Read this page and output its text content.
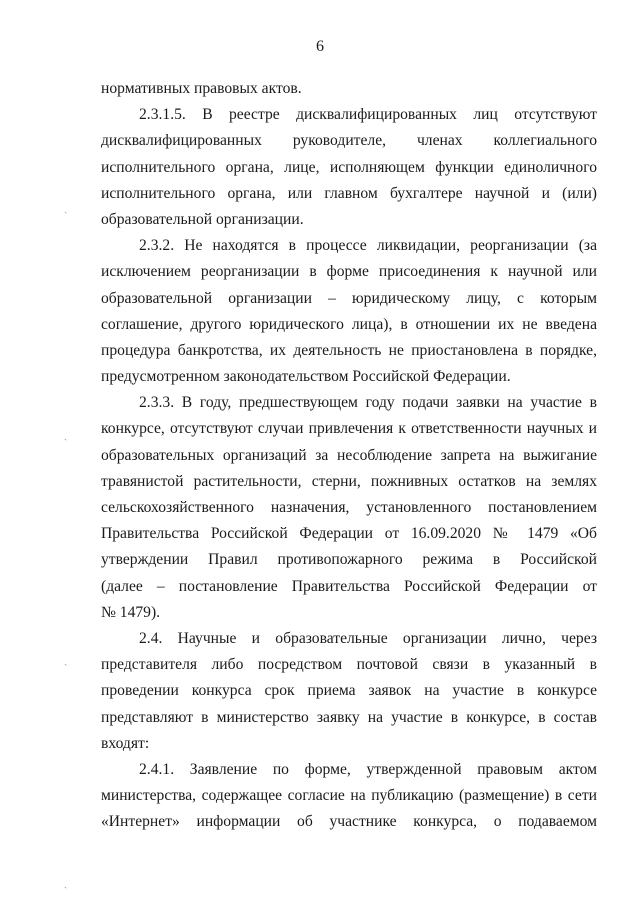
6
ˎ
ˎ
ˎ
ˎ
нормативных правовых актов.
2.3.1.5. В реестре дисквалифицированных лиц отсутствуют
дисквалифицированных руководителе, членах коллегиального
исполнительного органа, лице, исполняющем функции единоличного
исполнительного органа, или главном бухгалтере научной и (или)
образовательной организации.
2.3.2. Не находятся в процессе ликвидации, реорганизации (за
исключением реорганизации в форме присоединения к научной или
образовательной организации – юридическому лицу, с которым
соглашение, другого юридического лица), в отношении их не введена
процедура банкротства, их деятельность не приостановлена в порядке,
предусмотренном законодательством Российской Федерации.
2.3.3. В году, предшествующем году подачи заявки на участие в
конкурсе, отсутствуют случаи привлечения к ответственности научных и
образовательных организаций за несоблюдение запрета на выжигание
травянистой растительности, стерни, пожнивных остатков на землях
сельскохозяйственного назначения, установленного постановлением
Правительства Российской Федерации от 16.09.2020 № 1479 «Об
утверждении Правил противопожарного режима в Российской
(далее – постановление Правительства Российской Федерации от
№ 1479).
2.4. Научные и образовательные организации лично, через
представителя либо посредством почтовой связи в указанный в
проведении конкурса срок приема заявок на участие в конкурсе
представляют в министерство заявку на участие в конкурсе, в состав
входят:
2.4.1. Заявление по форме, утвержденной правовым актом
министерства, содержащее согласие на публикацию (размещение) в сети
«Интернет» информации об участнике конкурса, о подаваемом
